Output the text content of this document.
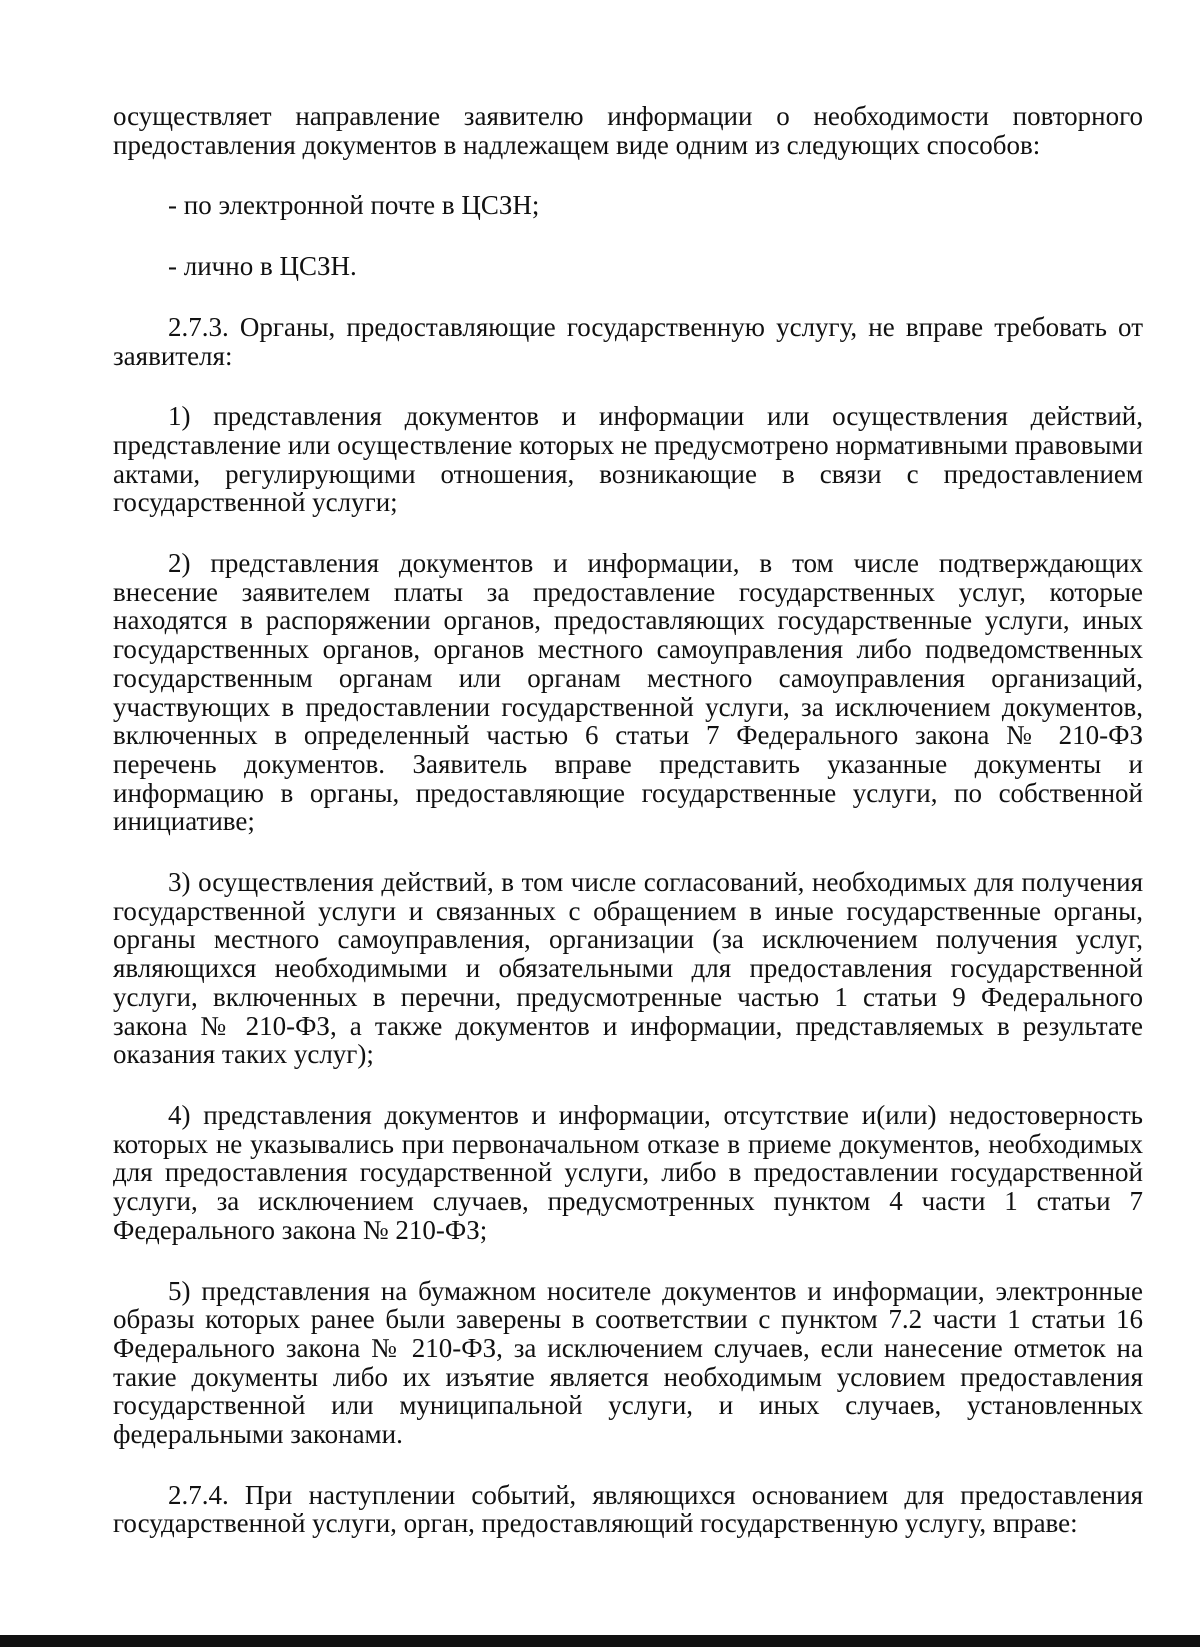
осуществляет направление заявителю информации о необходимости повторного предоставления документов в надлежащем виде одним из следующих способов:

- по электронной почте в ЦСЗН;

- лично в ЦСЗН.

2.7.3. Органы, предоставляющие государственную услугу, не вправе требовать от заявителя:

1) представления документов и информации или осуществления действий, представление или осуществление которых не предусмотрено нормативными правовыми актами, регулирующими отношения, возникающие в связи с предоставлением государственной услуги;

2) представления документов и информации, в том числе подтверждающих внесение заявителем платы за предоставление государственных услуг, которые находятся в распоряжении органов, предоставляющих государственные услуги, иных государственных органов, органов местного самоуправления либо подведомственных государственным органам или органам местного самоуправления организаций, участвующих в предоставлении государственной услуги, за исключением документов, включенных в определенный частью 6 статьи 7 Федерального закона № 210-ФЗ перечень документов. Заявитель вправе представить указанные документы и информацию в органы, предоставляющие государственные услуги, по собственной инициативе;

3) осуществления действий, в том числе согласований, необходимых для получения государственной услуги и связанных с обращением в иные государственные органы, органы местного самоуправления, организации (за исключением получения услуг, являющихся необходимыми и обязательными для предоставления государственной услуги, включенных в перечни, предусмотренные частью 1 статьи 9 Федерального закона № 210-ФЗ, а также документов и информации, представляемых в результате оказания таких услуг);

4) представления документов и информации, отсутствие и(или) недостоверность которых не указывались при первоначальном отказе в приеме документов, необходимых для предоставления государственной услуги, либо в предоставлении государственной услуги, за исключением случаев, предусмотренных пунктом 4 части 1 статьи 7 Федерального закона № 210-ФЗ;

5) представления на бумажном носителе документов и информации, электронные образы которых ранее были заверены в соответствии с пунктом 7.2 части 1 статьи 16 Федерального закона № 210-ФЗ, за исключением случаев, если нанесение отметок на такие документы либо их изъятие является необходимым условием предоставления государственной или муниципальной услуги, и иных случаев, установленных федеральными законами.

2.7.4. При наступлении событий, являющихся основанием для предоставления государственной услуги, орган, предоставляющий государственную услугу, вправе:
